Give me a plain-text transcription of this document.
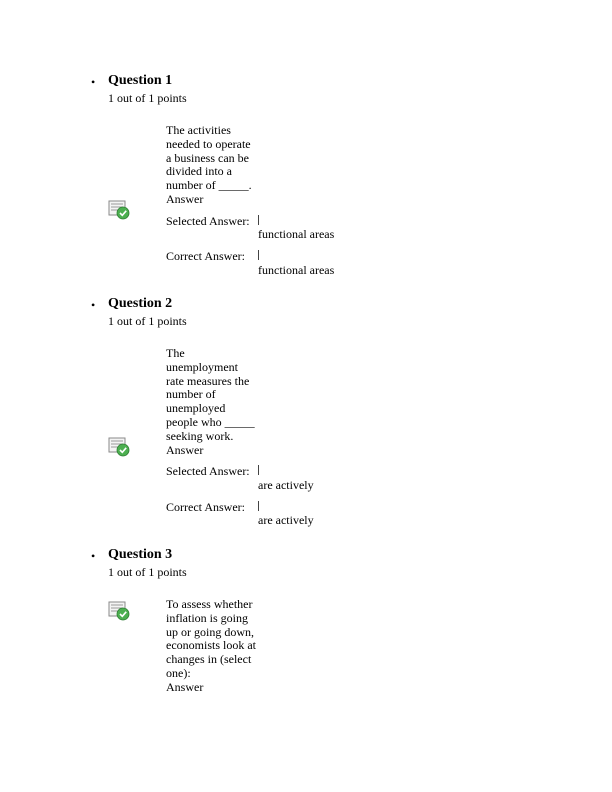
• Question 1
1 out of 1 points
The activities
needed to operate
a business can be
divided into a
number of _____.
Answer
Selected Answer:
functional areas
Correct Answer:
functional areas
• Question 2
1 out of 1 points
The
unemployment
rate measures the
number of
unemployed
people who _____
seeking work.
Answer
Selected Answer:
are actively
Correct Answer:
are actively
• Question 3
1 out of 1 points
To assess whether
inflation is going
up or going down,
economists look at
changes in (select
one):
Answer
